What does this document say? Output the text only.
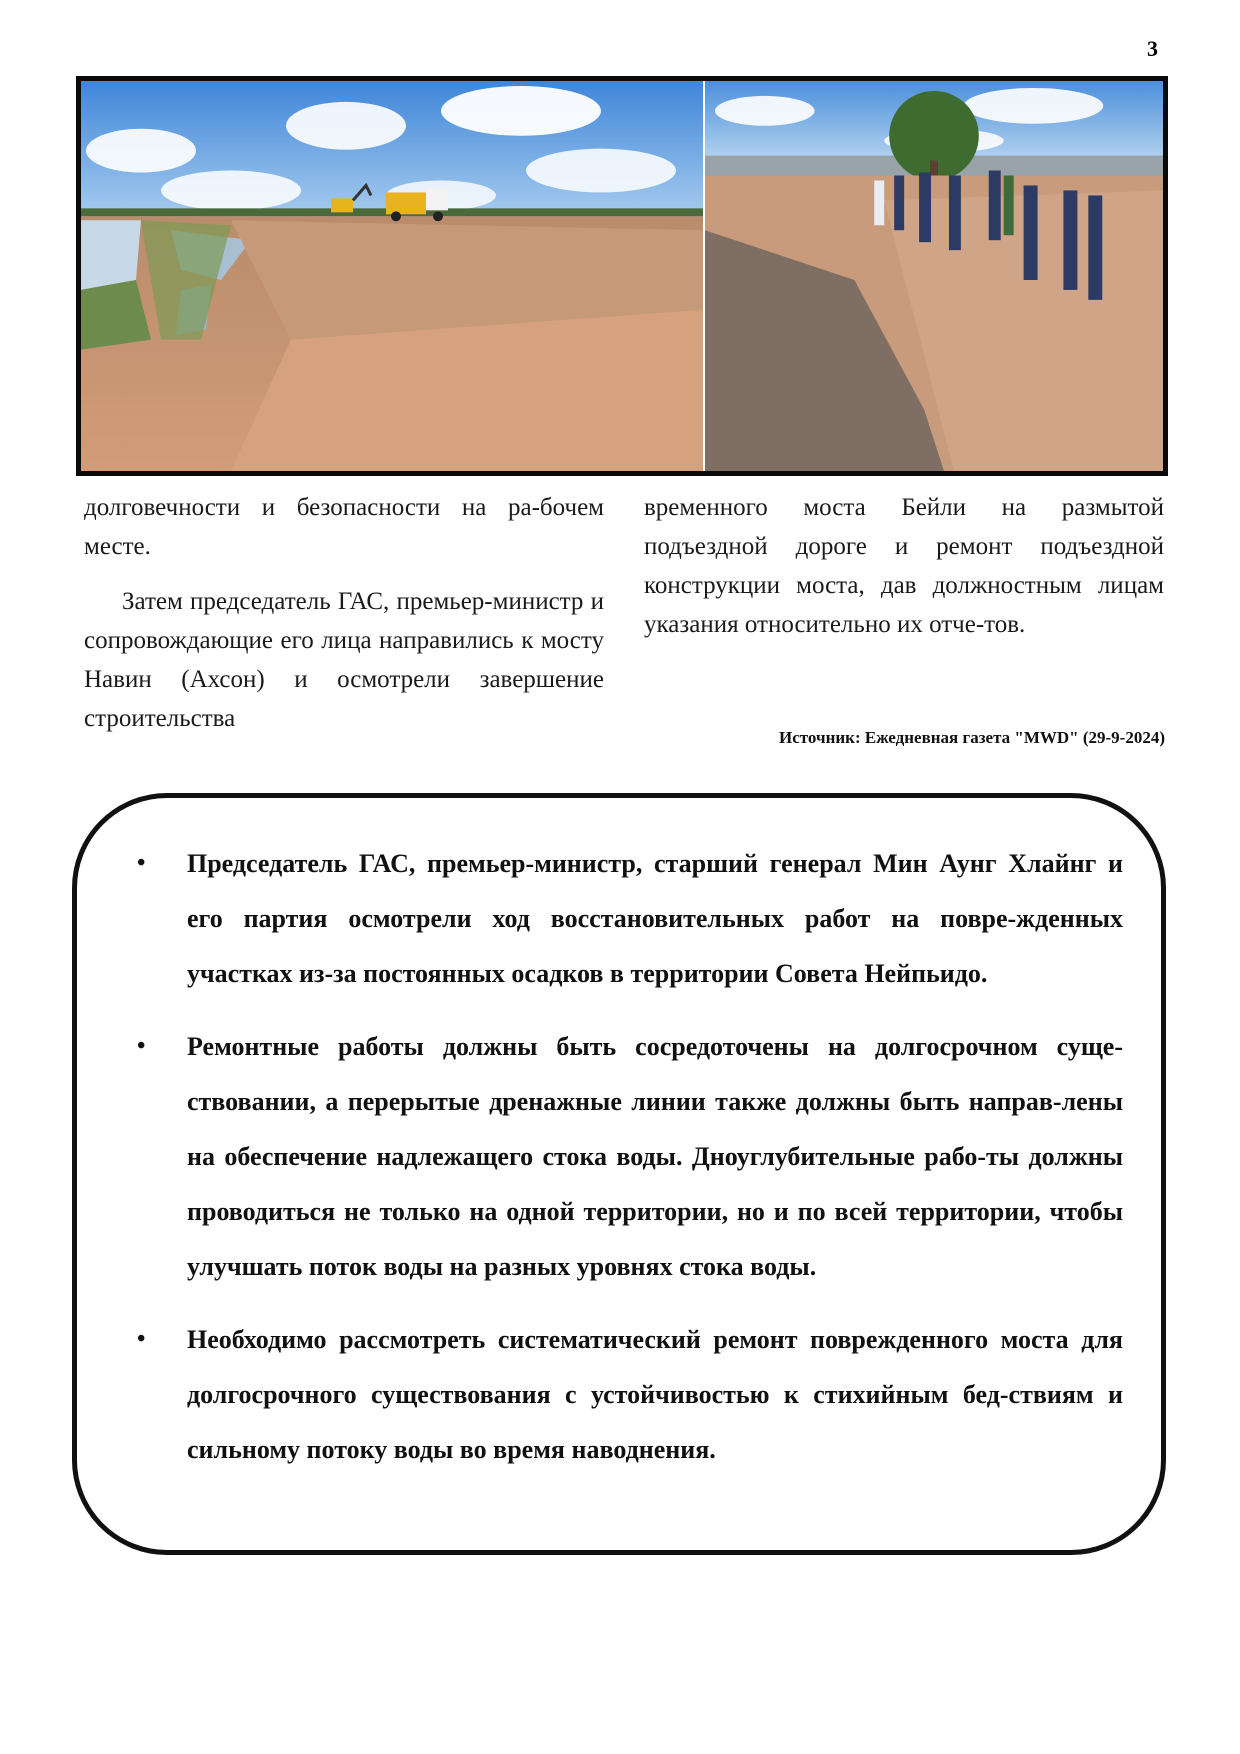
3

долговечности и безопасности на ра-бочем месте.

Затем председатель ГАС, премьер-министр и сопровождающие его лица направились к мосту Навин (Ахсон) и осмотрели завершение строительства

временного моста Бейли на размытой подъездной дороге и ремонт подъездной конструкции моста, дав должностным лицам указания относительно их отче-тов.

Источник: Ежедневная газета "MWD" (29-9-2024)
• Председатель ГАС, премьер-министр, старший генерал Мин Аунг Хлайнг и его партия осмотрели ход восстановительных работ на повре-жденных участках из-за постоянных осадков в территории Совета Нейпьидо.
• Ремонтные работы должны быть сосредоточены на долгосрочном суще-ствовании, а перерытые дренажные линии также должны быть направ-лены на обеспечение надлежащего стока воды. Дноуглубительные рабо-ты должны проводиться не только на одной территории, но и по всей территории, чтобы улучшать поток воды на разных уровнях стока воды.
• Необходимо рассмотреть систематический ремонт поврежденного моста для долгосрочного существования с устойчивостью к стихийным бед-ствиям и сильному потоку воды во время наводнения.
